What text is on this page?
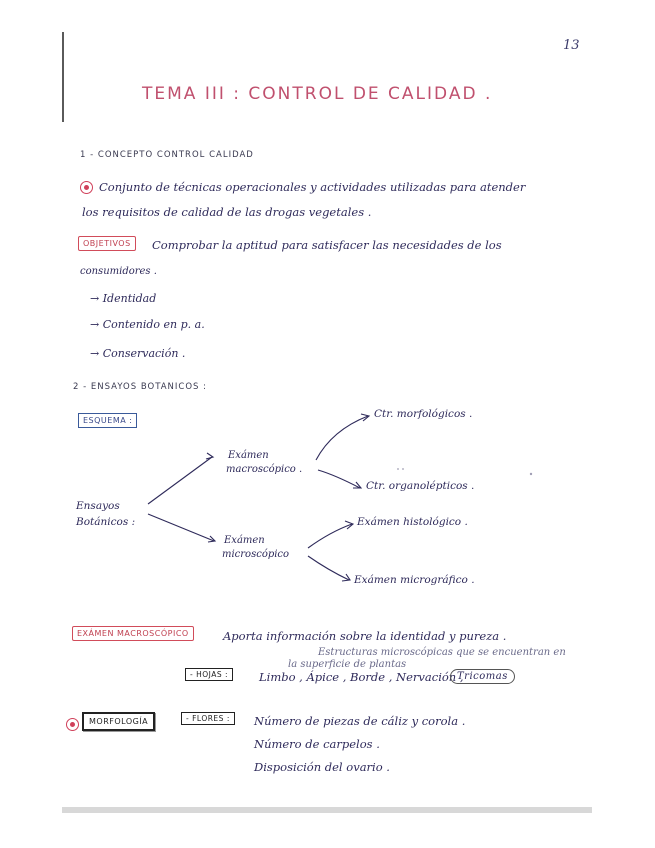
13
TEMA III : CONTROL DE CALIDAD .
1 - CONCEPTO CONTROL CALIDAD
Conjunto de técnicas operacionales y actividades utilizadas para atender
los requisitos de calidad de las drogas vegetales .
OBJETIVOS	Comprobar la aptitud para satisfacer las necesidades de los
consumidores .
→ Identidad
→ Contenido en p. a.
→ Conservación .
2 - ENSAYOS BOTANICOS :
ESQUEMA :
Ensayos
Botánicos :
Exámen
macroscópico .
Exámen
microscópico
Ctr. morfológicos .
Ctr. organolépticos .
Exámen histológico .
Exámen micrográfico .
EXÁMEN MACROSCÓPICO	Aporta información sobre la identidad y pureza .
Estructuras microscópicas que se encuentran en
la superficie de plantas
- HOJAS :	Limbo , Ápice , Borde , Nervación ,
Tricomas
MORFOLOGÍA	- FLORES :	Número de piezas de cáliz y corola .
Número de carpelos .
Disposición del ovario .
